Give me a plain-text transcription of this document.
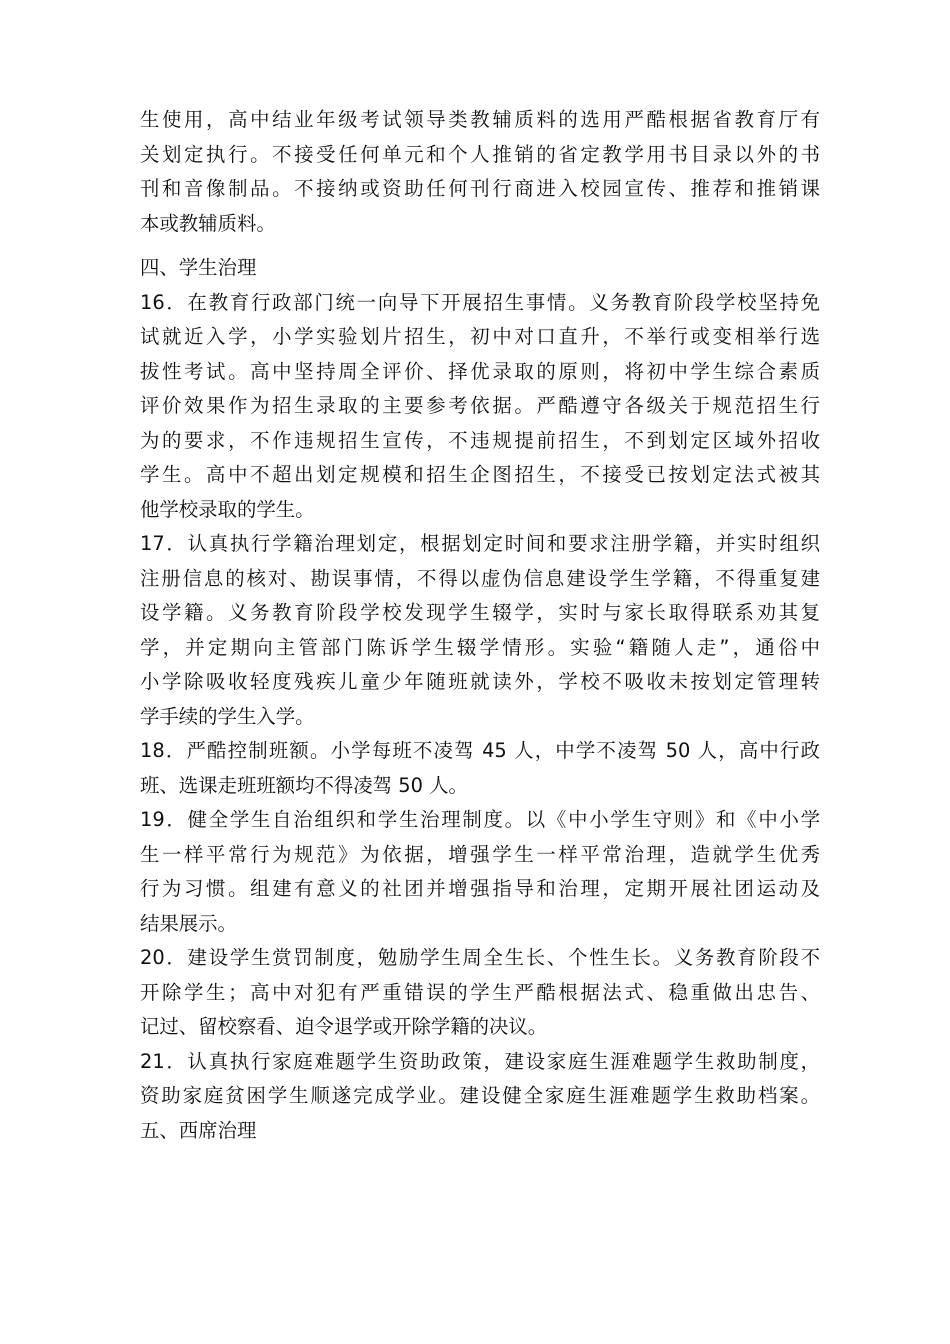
生使用，高中结业年级考试领导类教辅质料的选用严酷根据省教育厅有
关划定执行。不接受任何单元和个人推销的省定教学用书目录以外的书
刊和音像制品。不接纳或资助任何刊行商进入校园宣传、推荐和推销课
本或教辅质料。
四、学生治理
16．在教育行政部门统一向导下开展招生事情。义务教育阶段学校坚持免
试就近入学，小学实验划片招生，初中对口直升，不举行或变相举行选
拔性考试。高中坚持周全评价、择优录取的原则，将初中学生综合素质
评价效果作为招生录取的主要参考依据。严酷遵守各级关于规范招生行
为的要求，不作违规招生宣传，不违规提前招生，不到划定区域外招收
学生。高中不超出划定规模和招生企图招生，不接受已按划定法式被其
他学校录取的学生。
17．认真执行学籍治理划定，根据划定时间和要求注册学籍，并实时组织
注册信息的核对、勘误事情，不得以虚伪信息建设学生学籍，不得重复建
设学籍。义务教育阶段学校发现学生辍学，实时与家长取得联系劝其复
学，并定期向主管部门陈诉学生辍学情形。实验“籍随人走”，通俗中
小学除吸收轻度残疾儿童少年随班就读外，学校不吸收未按划定管理转
学手续的学生入学。
18．严酷控制班额。小学每班不凌驾 45 人，中学不凌驾 50 人，高中行政
班、选课走班班额均不得凌驾 50 人。
19．健全学生自治组织和学生治理制度。以《中小学生守则》和《中小学
生一样平常行为规范》为依据，增强学生一样平常治理，造就学生优秀
行为习惯。组建有意义的社团并增强指导和治理，定期开展社团运动及
结果展示。
20．建设学生赏罚制度，勉励学生周全生长、个性生长。义务教育阶段不
开除学生；高中对犯有严重错误的学生严酷根据法式、稳重做出忠告、
记过、留校察看、迫令退学或开除学籍的决议。
21．认真执行家庭难题学生资助政策，建设家庭生涯难题学生救助制度，
资助家庭贫困学生顺遂完成学业。建设健全家庭生涯难题学生救助档案。
五、西席治理
